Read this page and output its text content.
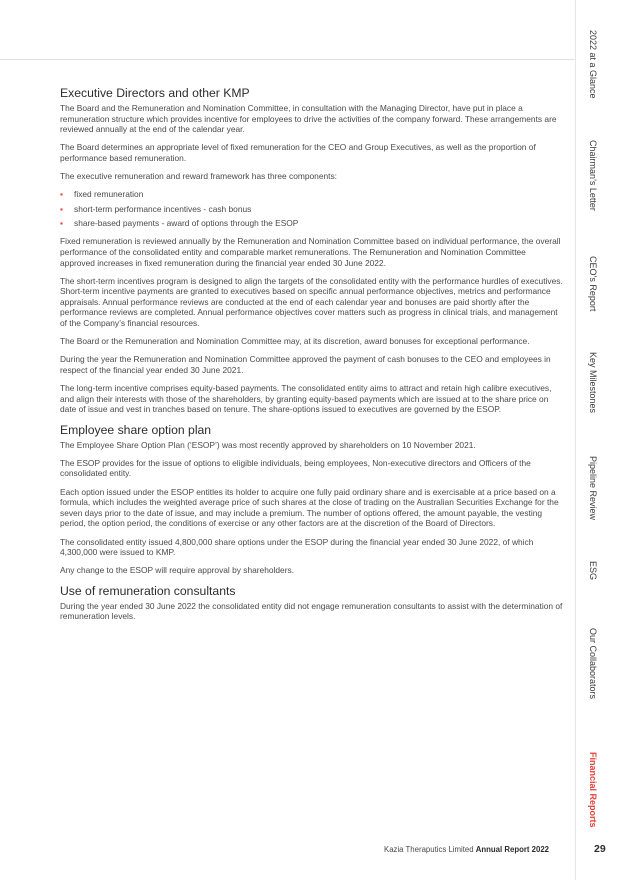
Executive Directors and other KMP

The Board and the Remuneration and Nomination Committee, in consultation with the Managing Director, have put in place a remuneration structure which provides incentive for employees to drive the activities of the company forward. These arrangements are reviewed annually at the end of the calendar year.

The Board determines an appropriate level of fixed remuneration for the CEO and Group Executives, as well as the proportion of performance based remuneration.

The executive remuneration and reward framework has three components:

▪ fixed remuneration
▪ short-term performance incentives - cash bonus
▪ share-based payments - award of options through the ESOP

Fixed remuneration is reviewed annually by the Remuneration and Nomination Committee based on individual performance, the overall performance of the consolidated entity and comparable market remunerations. The Remuneration and Nomination Committee approved increases in fixed remuneration during the financial year ended 30 June 2022.

The short-term incentives program is designed to align the targets of the consolidated entity with the performance hurdles of executives. Short-term incentive payments are granted to executives based on specific annual performance objectives, metrics and performance appraisals. Annual performance reviews are conducted at the end of each calendar year and bonuses are paid shortly after the performance reviews are completed. Annual performance objectives cover matters such as progress in clinical trials, and management of the Company’s financial resources.

The Board or the Remuneration and Nomination Committee may, at its discretion, award bonuses for exceptional performance.

During the year the Remuneration and Nomination Committee approved the payment of cash bonuses to the CEO and employees in respect of the financial year ended 30 June 2021.

The long-term incentive comprises equity-based payments. The consolidated entity aims to attract and retain high calibre executives, and align their interests with those of the shareholders, by granting equity-based payments which are issued at to the share price on date of issue and vest in tranches based on tenure. The share-options issued to executives are governed by the ESOP.

Employee share option plan

The Employee Share Option Plan (‘ESOP’) was most recently approved by shareholders on 10 November 2021.

The ESOP provides for the issue of options to eligible individuals, being employees, Non-executive directors and Officers of the consolidated entity.

Each option issued under the ESOP entitles its holder to acquire one fully paid ordinary share and is exercisable at a price based on a formula, which includes the weighted average price of such shares at the close of trading on the Australian Securities Exchange for the seven days prior to the date of issue, and may include a premium. The number of options offered, the amount payable, the vesting period, the option period, the conditions of exercise or any other factors are at the discretion of the Board of Directors.

The consolidated entity issued 4,800,000 share options under the ESOP during the financial year ended 30 June 2022, of which 4,300,000 were issued to KMP.

Any change to the ESOP will require approval by shareholders.

Use of remuneration consultants

During the year ended 30 June 2022 the consolidated entity did not engage remuneration consultants to assist with the determination of remuneration levels.

2022 at a Glance
Chairman’s Letter
CEO’s Report
Key Milestones
Pipeline Review
ESG
Our Collaborators
Financial Reports
Kazia Theraputics Limited Annual Report 2022	29
